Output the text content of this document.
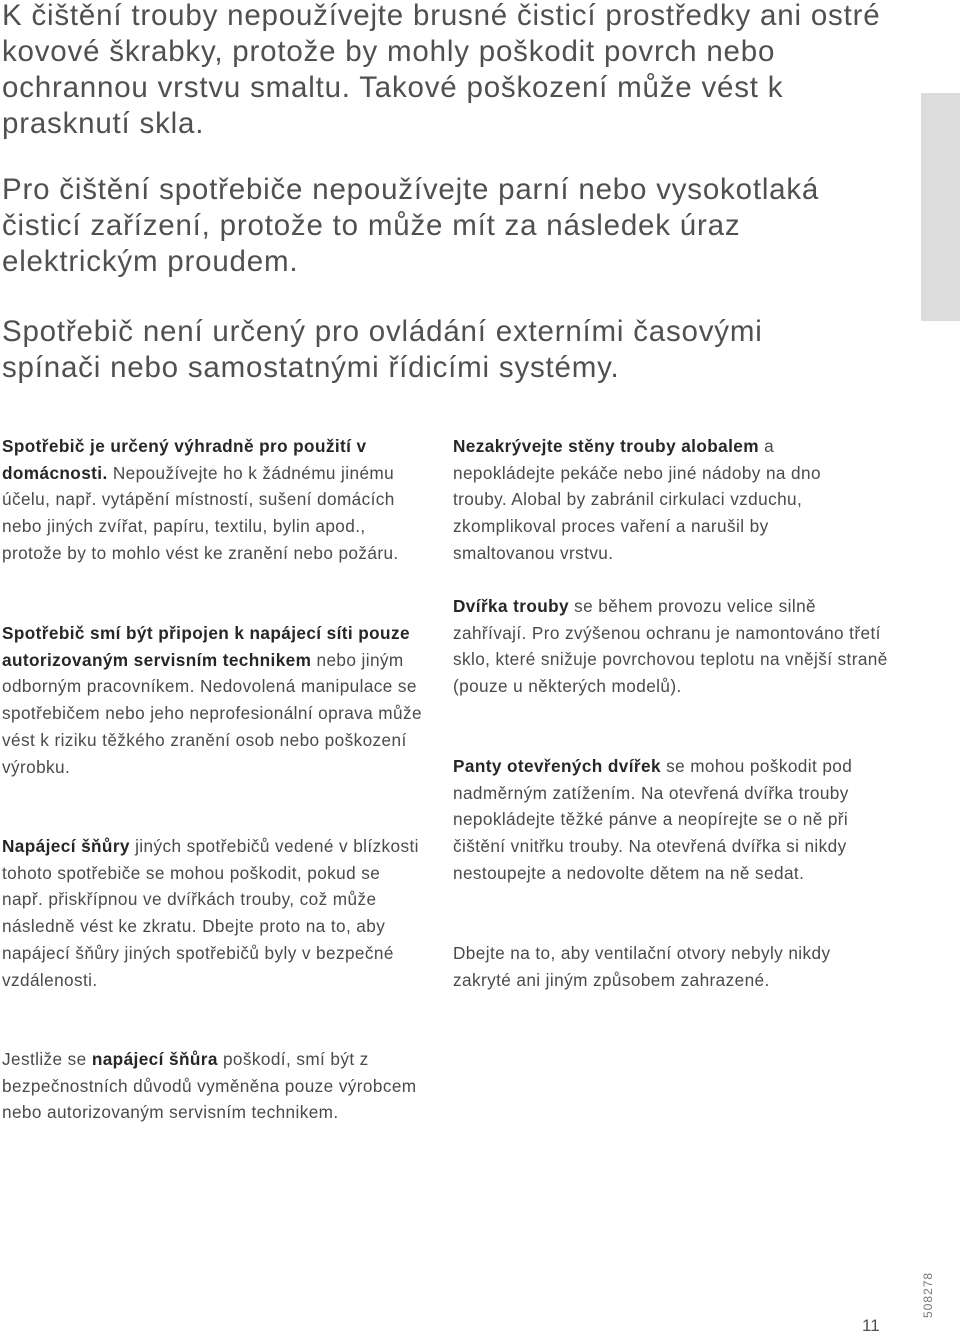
K čištění trouby nepoužívejte brusné čisticí prostředky ani ostré kovové škrabky, protože by mohly poškodit povrch nebo ochrannou vrstvu smaltu. Takové poškození může vést k prasknutí skla.

Pro čištění spotřebiče nepoužívejte parní nebo vysokotlaká čisticí zařízení, protože to může mít za následek úraz elektrickým proudem.

Spotřebič není určený pro ovládání externími časovými spínači nebo samostatnými řídicími systémy.

Spotřebič je určený výhradně pro použití v domácnosti. Nepoužívejte ho k žádnému jinému účelu, např. vytápění místností, sušení domácích nebo jiných zvířat, papíru, textilu, bylin apod., protože by to mohlo vést ke zranění nebo požáru.

Spotřebič smí být připojen k napájecí síti pouze autorizovaným servisním technikem nebo jiným odborným pracovníkem. Nedovolená manipulace se spotřebičem nebo jeho neprofesionální oprava může vést k riziku těžkého zranění osob nebo poškození výrobku.

Napájecí šňůry jiných spotřebičů vedené v blízkosti tohoto spotřebiče se mohou poškodit, pokud se např. přiskřípnou ve dvířkách trouby, což může následně vést ke zkratu. Dbejte proto na to, aby napájecí šňůry jiných spotřebičů byly v bezpečné vzdálenosti.

Jestliže se napájecí šňůra poškodí, smí být z bezpečnostních důvodů vyměněna pouze výrobcem nebo autorizovaným servisním technikem.

Nezakrývejte stěny trouby alobalem a nepokládejte pekáče nebo jiné nádoby na dno trouby. Alobal by zabránil cirkulaci vzduchu, zkomplikoval proces vaření a narušil by smaltovanou vrstvu.

Dvířka trouby se během provozu velice silně zahřívají. Pro zvýšenou ochranu je namontováno třetí sklo, které snižuje povrchovou teplotu na vnější straně (pouze u některých modelů).

Panty otevřených dvířek se mohou poškodit pod nadměrným zatížením. Na otevřená dvířka trouby nepokládejte těžké pánve a neopírejte se o ně při čištění vnitřku trouby. Na otevřená dvířka si nikdy nestoupejte a nedovolte dětem na ně sedat.

Dbejte na to, aby ventilační otvory nebyly nikdy zakryté ani jiným způsobem zahrazené.

11
508278
